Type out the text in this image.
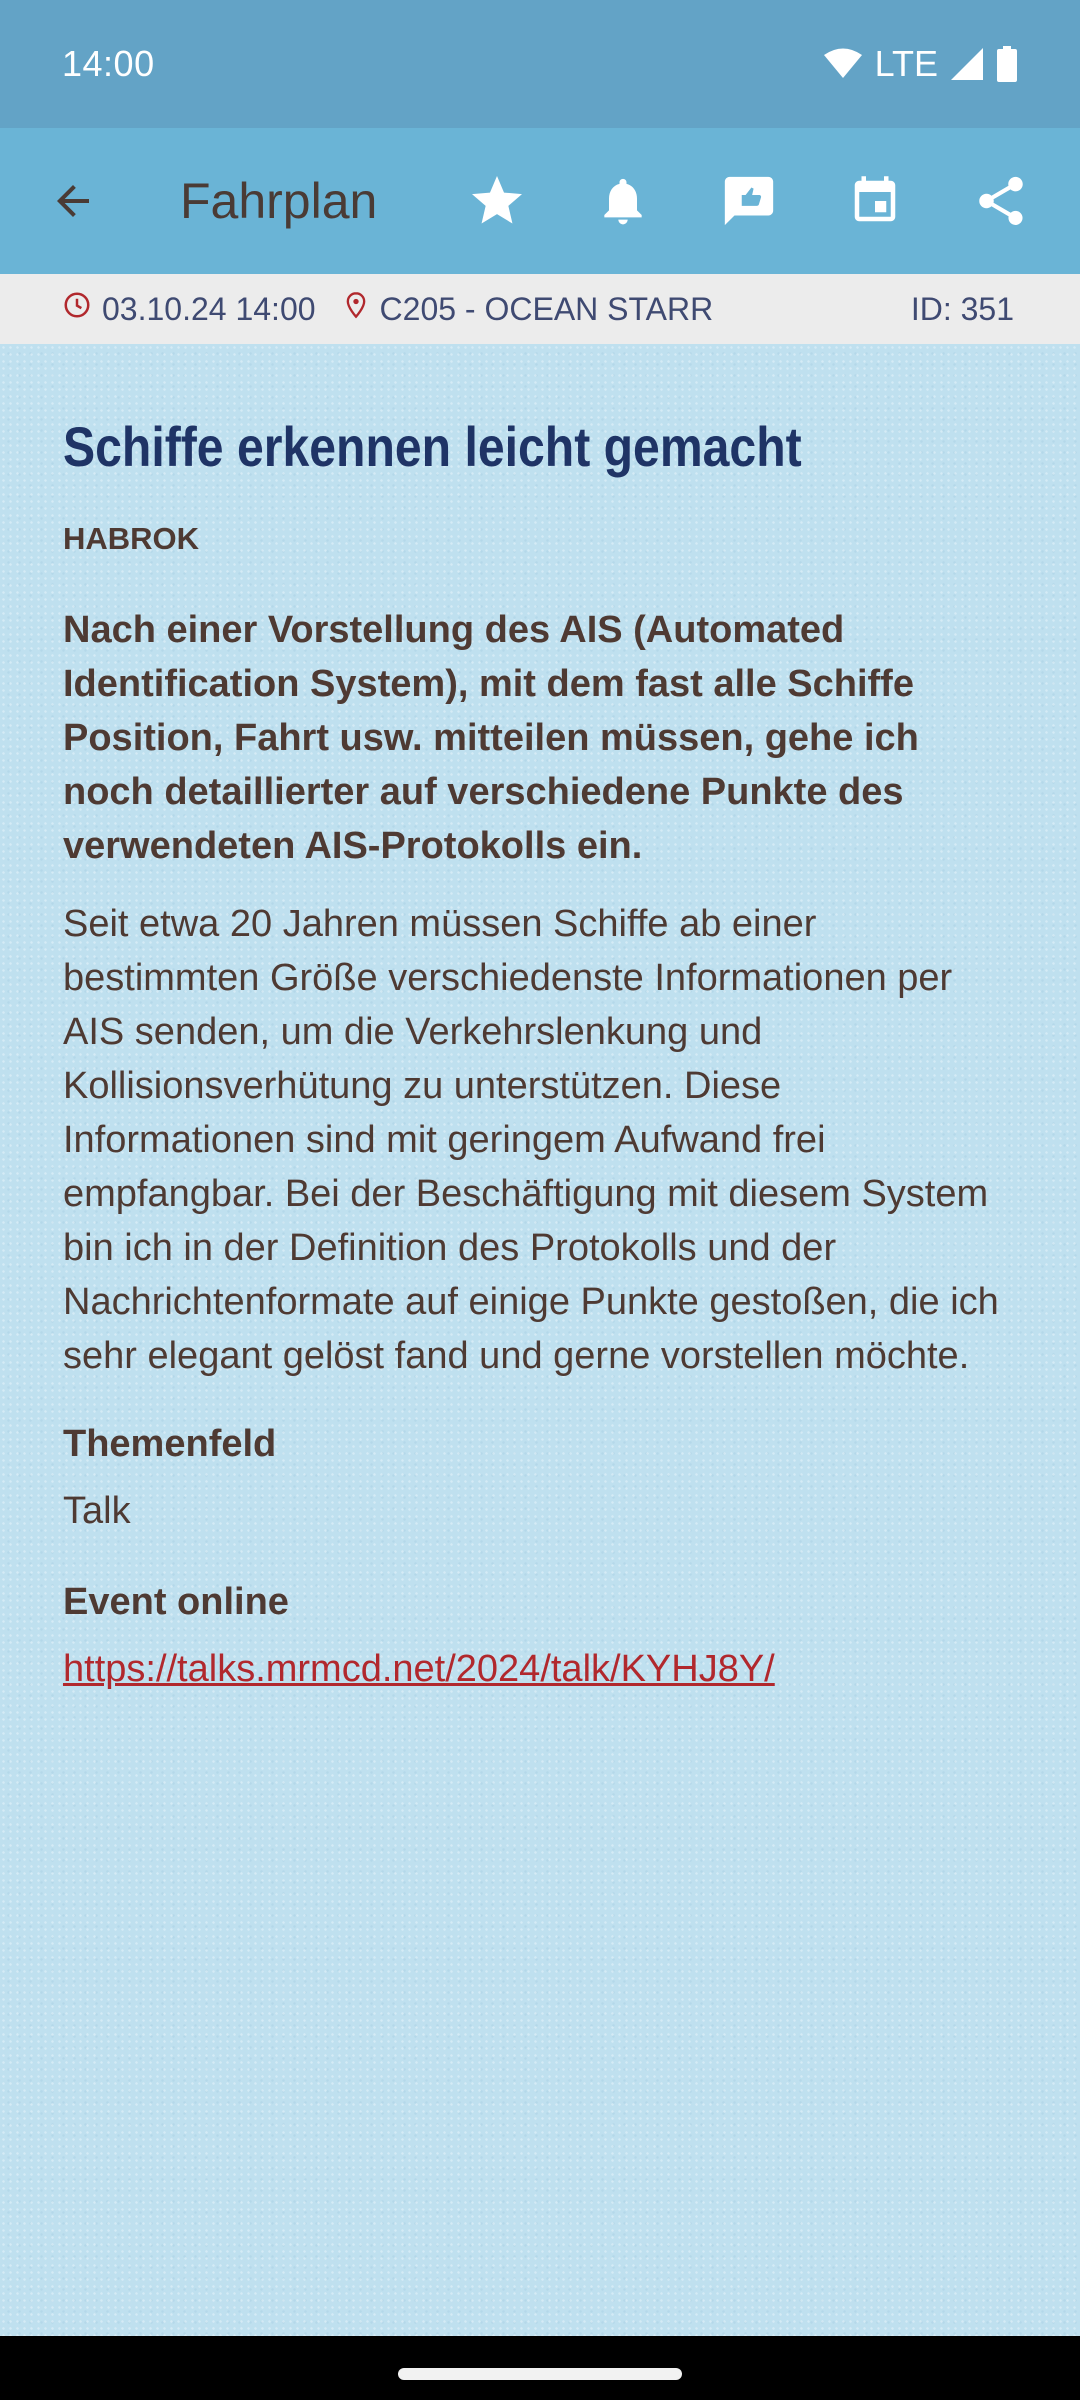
14:00	LTE
Fahrplan
03.10.24 14:00 C205 - OCEAN STARR	ID: 351
Schiffe erkennen leicht gemacht
HABROK
Nach einer Vorstellung des AIS (Automated Identification System), mit dem fast alle Schiffe Position, Fahrt usw. mitteilen müssen, gehe ich noch detaillierter auf verschiedene Punkte des verwendeten AIS-Protokolls ein.
Seit etwa 20 Jahren müssen Schiffe ab einer bestimmten Größe verschiedenste Informationen per AIS senden, um die Verkehrslenkung und Kollisionsverhütung zu unterstützen. Diese Informationen sind mit geringem Aufwand frei empfangbar. Bei der Beschäftigung mit diesem System bin ich in der Definition des Protokolls und der Nachrichtenformate auf einige Punkte gestoßen, die ich sehr elegant gelöst fand und gerne vorstellen möchte.
Themenfeld
Talk
Event online
https://talks.mrmcd.net/2024/talk/KYHJ8Y/
